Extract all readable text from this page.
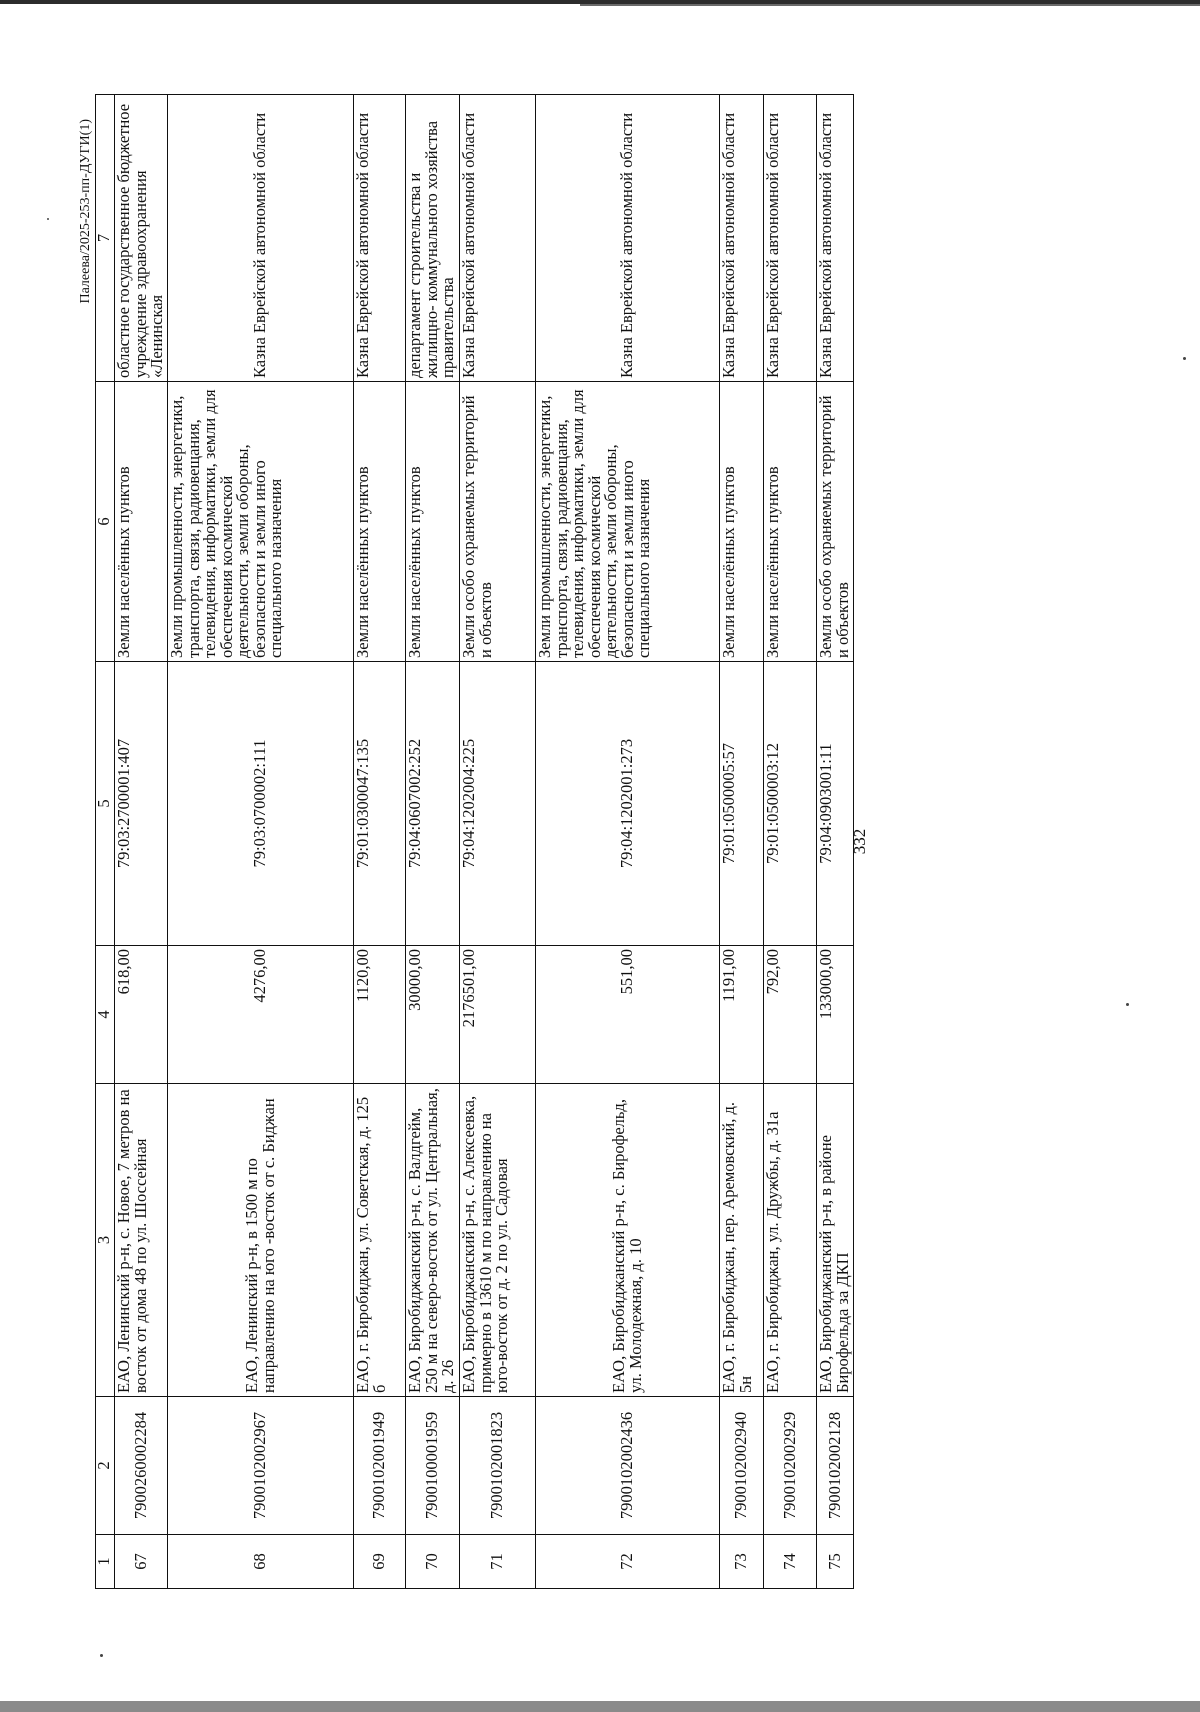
Палеева/2025-253-пп-ДУГИ(1)
332
1	2	3	4	5	6	7
67	7900260002284	ЕАО, Ленинский р-н, с. Новое, 7 метров на восток от дома 48 по ул. Шоссейная	618,00	79:03:2700001:407	Земли населённых пунктов	областное государственное бюджетное учреждение здравоохранения «Ленинская
68	7900102002967	ЕАО, Ленинский р-н, в 1500 м по направлению на юго -восток от с. Биджан	4276,00	79:03:0700002:111	Земли промышленности, энергетики, транспорта, связи, радиовещания, телевидения, информатики, земли для обеспечения космической деятельности, земли обороны, безопасности и земли иного специального назначения	Казна Еврейской автономной области
69	7900102001949	ЕАО, г. Биробиджан, ул. Советская, д. 125 б	1120,00	79:01:0300047:135	Земли населённых пунктов	Казна Еврейской автономной области
70	7900100001959	ЕАО, Биробиджанский р-н, с. Валдгейм, 250 м на северо-восток от ул. Центральная, д. 26	30000,00	79:04:0607002:252	Земли населённых пунктов	департамент строительства и жилищно- коммунального хозяйства правительства
71	7900102001823	ЕАО, Биробиджанский р-н, с. Алексеевка, примерно в 13610 м по направлению на юго-восток от д. 2 по ул. Садовая	2176501,00	79:04:1202004:225	Земли особо охраняемых территорий и объектов	Казна Еврейской автономной области
72	7900102002436	ЕАО, Биробиджанский р-н, с. Бирофельд, ул. Молодежная, д. 10	551,00	79:04:1202001:273	Земли промышленности, энергетики, транспорта, связи, радиовещания, телевидения, информатики, земли для обеспечения космической деятельности, земли обороны, безопасности и земли иного специального назначения	Казна Еврейской автономной области
73	7900102002940	ЕАО, г. Биробиджан, пер. Аремовский, д. 5н	1191,00	79:01:0500005:57	Земли населённых пунктов	Казна Еврейской автономной области
74	7900102002929	ЕАО, г. Биробиджан, ул. Дружбы, д. 31а	792,00	79:01:0500003:12	Земли населённых пунктов	Казна Еврейской автономной области
75	7900102002128	ЕАО, Биробиджанский р-н, в районе Бирофельда за ДКП	133000,00	79:04:0903001:11	Земли особо охраняемых территорий и объектов	Казна Еврейской автономной области
